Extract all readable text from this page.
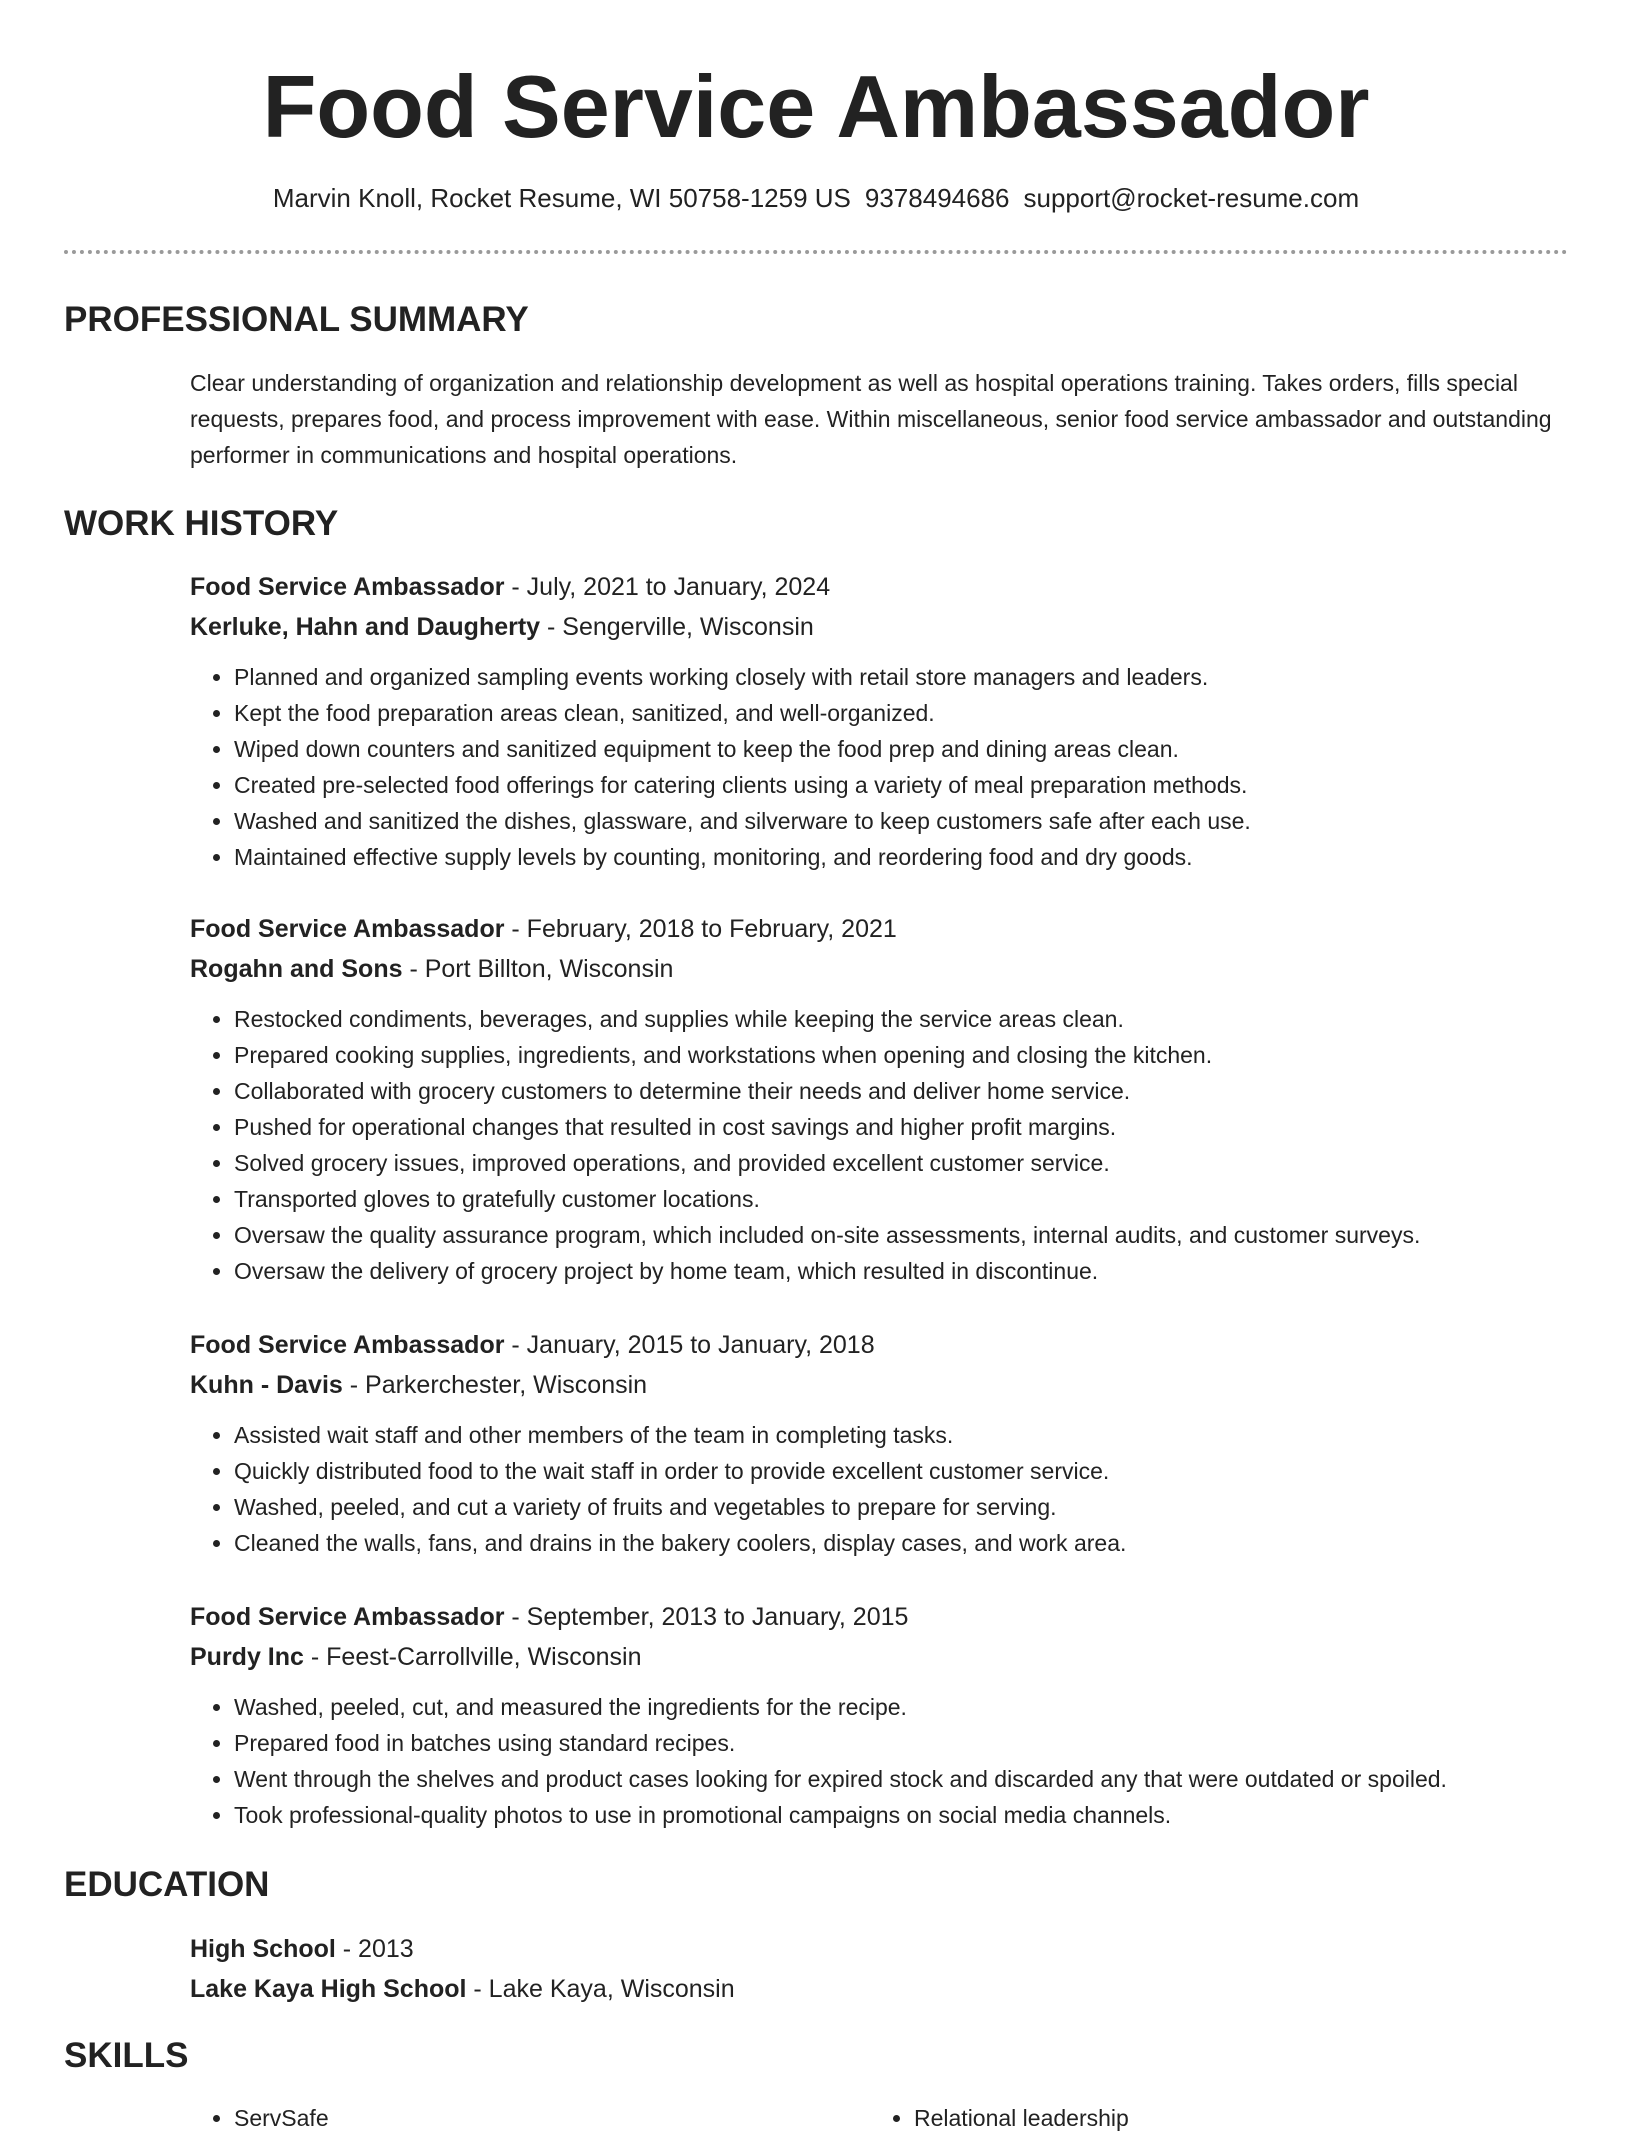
Food Service Ambassador
Marvin Knoll, Rocket Resume, WI 50758-1259 US 9378494686 support@rocket-resume.com
PROFESSIONAL SUMMARY
Clear understanding of organization and relationship development as well as hospital operations training. Takes orders, fills special requests, prepares food, and process improvement with ease. Within miscellaneous, senior food service ambassador and outstanding performer in communications and hospital operations.
WORK HISTORY
Food Service Ambassador - July, 2021 to January, 2024
Kerluke, Hahn and Daugherty - Sengerville, Wisconsin
• Planned and organized sampling events working closely with retail store managers and leaders.
• Kept the food preparation areas clean, sanitized, and well-organized.
• Wiped down counters and sanitized equipment to keep the food prep and dining areas clean.
• Created pre-selected food offerings for catering clients using a variety of meal preparation methods.
• Washed and sanitized the dishes, glassware, and silverware to keep customers safe after each use.
• Maintained effective supply levels by counting, monitoring, and reordering food and dry goods.
Food Service Ambassador - February, 2018 to February, 2021
Rogahn and Sons - Port Billton, Wisconsin
• Restocked condiments, beverages, and supplies while keeping the service areas clean.
• Prepared cooking supplies, ingredients, and workstations when opening and closing the kitchen.
• Collaborated with grocery customers to determine their needs and deliver home service.
• Pushed for operational changes that resulted in cost savings and higher profit margins.
• Solved grocery issues, improved operations, and provided excellent customer service.
• Transported gloves to gratefully customer locations.
• Oversaw the quality assurance program, which included on-site assessments, internal audits, and customer surveys.
• Oversaw the delivery of grocery project by home team, which resulted in discontinue.
Food Service Ambassador - January, 2015 to January, 2018
Kuhn - Davis - Parkerchester, Wisconsin
• Assisted wait staff and other members of the team in completing tasks.
• Quickly distributed food to the wait staff in order to provide excellent customer service.
• Washed, peeled, and cut a variety of fruits and vegetables to prepare for serving.
• Cleaned the walls, fans, and drains in the bakery coolers, display cases, and work area.
Food Service Ambassador - September, 2013 to January, 2015
Purdy Inc - Feest-Carrollville, Wisconsin
• Washed, peeled, cut, and measured the ingredients for the recipe.
• Prepared food in batches using standard recipes.
• Went through the shelves and product cases looking for expired stock and discarded any that were outdated or spoiled.
• Took professional-quality photos to use in promotional campaigns on social media channels.
EDUCATION
High School - 2013
Lake Kaya High School - Lake Kaya, Wisconsin
SKILLS
• ServSafe
•	Relational leadership
